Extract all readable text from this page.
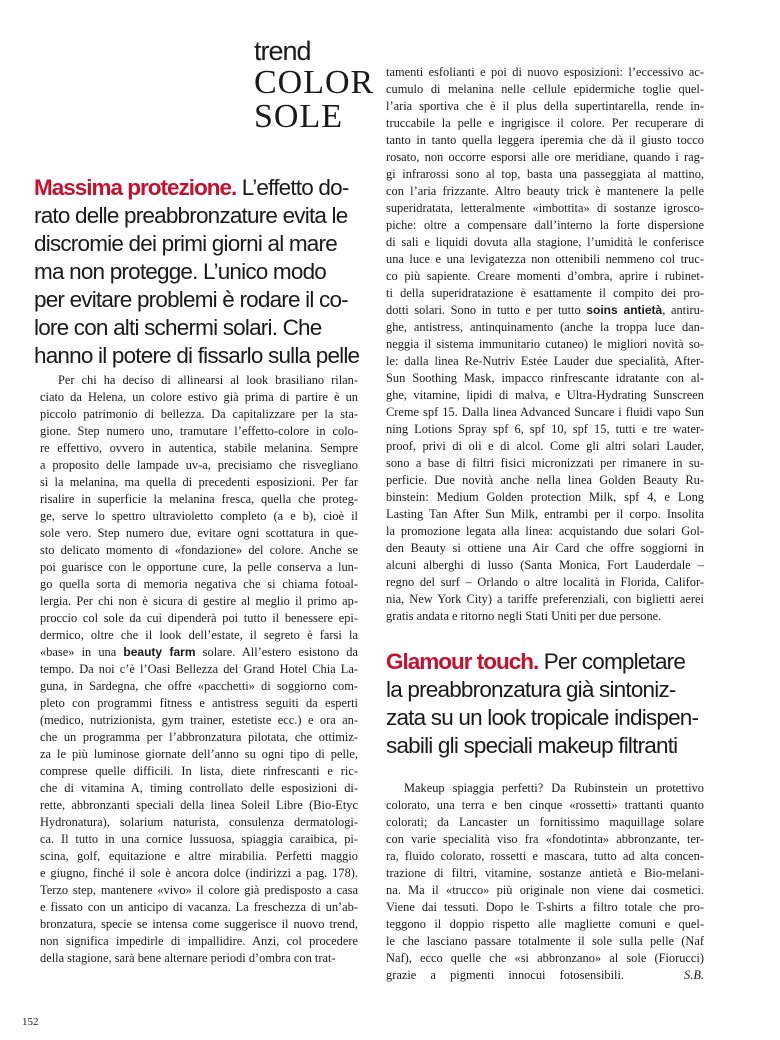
trend
COLOR
SOLE
Massima protezione. L’effetto do-
rato delle preabbronzature evita le
discromie dei primi giorni al mare
ma non protegge. L’unico modo
per evitare problemi è rodare il co-
lore con alti schermi solari. Che
hanno il potere di fissarlo sulla pelle
Per chi ha deciso di allinearsi al look brasiliano rilan-
ciato da Helena, un colore estivo già prima di partire è un
piccolo patrimonio di bellezza. Da capitalizzare per la sta-
gione. Step numero uno, tramutare l’effetto-colore in colo-
re effettivo, ovvero in autentica, stabile melanina. Sempre
a proposito delle lampade uv-a, precisiamo che risvegliano
sì la melanina, ma quella di precedenti esposizioni. Per far
risalire in superficie la melanina fresca, quella che proteg-
ge, serve lo spettro ultravioletto completo (a e b), cioè il
sole vero. Step numero due, evitare ogni scottatura in que-
sto delicato momento di «fondazione» del colore. Anche se
poi guarisce con le opportune cure, la pelle conserva a lun-
go quella sorta di memoria negativa che si chiama fotoal-
lergia. Per chi non è sicura di gestire al meglio il primo ap-
proccio col sole da cui dipenderà poi tutto il benessere epi-
dermico, oltre che il look dell’estate, il segreto è farsi la
«base» in una beauty farm solare. All’estero esistono da
tempo. Da noi c’è l’Oasi Bellezza del Grand Hotel Chia La-
guna, in Sardegna, che offre «pacchetti» di soggiorno com-
pleto con programmi fitness e antistress seguiti da esperti
(medico, nutrizionista, gym trainer, estetiste ecc.) e ora an-
che un programma per l’abbronzatura pilotata, che ottimiz-
za le più luminose giornate dell’anno su ogni tipo di pelle,
comprese quelle difficili. In lista, diete rinfrescanti e ric-
che di vitamina A, timing controllato delle esposizioni di-
rette, abbronzanti speciali della linea Soleil Libre (Bio-Etyc
Hydronatura), solarium naturista, consulenza dermatologi-
ca. Il tutto in una cornice lussuosa, spiaggia caraibica, pi-
scina, golf, equitazione e altre mirabilia. Perfetti maggio
e giugno, finché il sole è ancora dolce (indirizzi a pag. 178).
Terzo step, mantenere «vivo» il colore già predisposto a casa
e fissato con un anticipo di vacanza. La freschezza di un’ab-
bronzatura, specie se intensa come suggerisce il nuovo trend,
non significa impedirle di impallidire. Anzi, col procedere
della stagione, sarà bene alternare periodi d’ombra con trat-
tamenti esfolianti e poi di nuovo esposizioni: l’eccessivo ac-
cumulo di melanina nelle cellule epidermiche toglie quel-
l’aria sportiva che è il plus della supertintarella, rende in-
truccabile la pelle e ingrigisce il colore. Per recuperare di
tanto in tanto quella leggera iperemia che dà il giusto tocco
rosato, non occorre esporsi alle ore meridiane, quando i rag-
gi infrarossi sono al top, basta una passeggiata al mattino,
con l’aria frizzante. Altro beauty trick è mantenere la pelle
superidratata, letteralmente «imbottita» di sostanze igrosco-
piche: oltre a compensare dall’interno la forte dispersione
di sali e liquidi dovuta alla stagione, l’umidità le conferisce
una luce e una levigatezza non ottenibili nemmeno col truc-
co più sapiente. Creare momenti d’ombra, aprire i rubinet-
ti della superidratazione è esattamente il compito dei pro-
dotti solari. Sono in tutto e per tutto soins antietà, antiru-
ghe, antistress, antinquinamento (anche la troppa luce dan-
neggia il sistema immunitario cutaneo) le migliori novità so-
le: dalla linea Re-Nutriv Estée Lauder due specialità, After-
Sun Soothing Mask, impacco rinfrescante idratante con al-
ghe, vitamine, lipidi di malva, e Ultra-Hydrating Sunscreen
Creme spf 15. Dalla linea Advanced Suncare i fluidi vapo Sun
ning Lotions Spray spf 6, spf 10, spf 15, tutti e tre water-
proof, privi di oli e di alcol. Come gli altri solari Lauder,
sono a base di filtri fisici micronizzati per rimanere in su-
perficie. Due novità anche nella linea Golden Beauty Ru-
binstein: Medium Golden protection Milk, spf 4, e Long
Lasting Tan After Sun Milk, entrambi per il corpo. Insolita
la promozione legata alla linea: acquistando due solari Gol-
den Beauty si ottiene una Air Card che offre soggiorni in
alcuni alberghi di lusso (Santa Monica, Fort Lauderdale –
regno del surf – Orlando o altre località in Florida, Califor-
nia, New York City) a tariffe preferenziali, con biglietti aerei
gratis andata e ritorno negli Stati Uniti per due persone.
Glamour touch. Per completare
la preabbronzatura già sintoniz-
zata su un look tropicale indispen-
sabili gli speciali makeup filtranti
Makeup spiaggia perfetti? Da Rubinstein un protettivo
colorato, una terra e ben cinque «rossetti» trattanti quanto
colorati; da Lancaster un fornitissimo maquillage solare
con varie specialità viso fra «fondotinta» abbronzante, ter-
ra, fluido colorato, rossetti e mascara, tutto ad alta concen-
trazione di filtri, vitamine, sostanze antietà e Bio-melani-
na. Ma il «trucco» più originale non viene dai cosmetici.
Viene dai tessuti. Dopo le T-shirts a filtro totale che pro-
teggono il doppio rispetto alle magliette comuni e quel-
le che lasciano passare totalmente il sole sulla pelle (Naf
Naf), ecco quelle che «si abbronzano» al sole (Fiorucci)
grazie a pigmenti innocui fotosensibili.	S.B.
152
